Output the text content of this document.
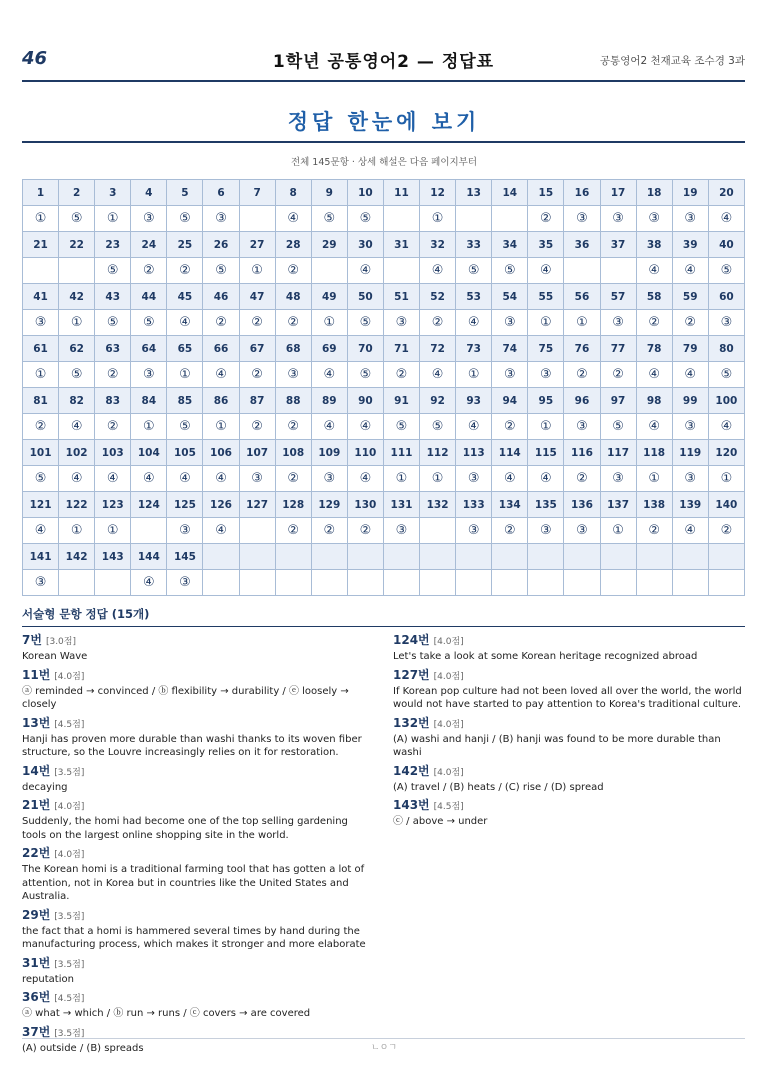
46	1학년 공통영어2 — 정답표	공통영어2 천재교육 조수경 3과
정답 한눈에 보기
전체 145문항 · 상세 해설은 다음 페이지부터
1	2	3	4	5	6	7	8	9	10	11	12	13	14	15	16	17	18	19	20
①	⑤	①	③	⑤	③		④	⑤	⑤		①			②	③	③	③	③	④
21	22	23	24	25	26	27	28	29	30	31	32	33	34	35	36	37	38	39	40
		⑤	②	②	⑤	①	②		④		④	⑤	⑤	④			④	④	⑤
41	42	43	44	45	46	47	48	49	50	51	52	53	54	55	56	57	58	59	60
③	①	⑤	⑤	④	②	②	②	①	⑤	③	②	④	③	①	①	③	②	②	③
61	62	63	64	65	66	67	68	69	70	71	72	73	74	75	76	77	78	79	80
①	⑤	②	③	①	④	②	③	④	⑤	②	④	①	③	③	②	②	④	④	⑤
81	82	83	84	85	86	87	88	89	90	91	92	93	94	95	96	97	98	99	100
②	④	②	①	⑤	①	②	②	④	④	⑤	⑤	④	②	①	③	⑤	④	③	④
101	102	103	104	105	106	107	108	109	110	111	112	113	114	115	116	117	118	119	120
⑤	④	④	④	④	④	③	②	③	④	①	①	③	④	④	②	③	①	③	①
121	122	123	124	125	126	127	128	129	130	131	132	133	134	135	136	137	138	139	140
④	①	①		③	④		②	②	②	③		③	②	③	③	①	②	④	②
141	142	143	144	145															
③			④	③															
서술형 문항 정답 (15개)
7번 [3.0점]
Korean Wave
11번 [4.0점]
ⓐ reminded → convinced / ⓑ flexibility → durability / ⓔ loosely → closely
13번 [4.5점]
Hanji has proven more durable than washi thanks to its woven fiber structure, so the Louvre increasingly relies on it for restoration.
14번 [3.5점]
decaying
21번 [4.0점]
Suddenly, the homi had become one of the top selling gardening tools on the largest online shopping site in the world.
22번 [4.0점]
The Korean homi is a traditional farming tool that has gotten a lot of attention, not in Korea but in countries like the United States and Australia.
29번 [3.5점]
the fact that a homi is hammered several times by hand during the manufacturing process, which makes it stronger and more elaborate
31번 [3.5점]
reputation
36번 [4.5점]
ⓐ what → which / ⓑ run → runs / ⓒ covers → are covered
37번 [3.5점]
(A) outside / (B) spreads
124번 [4.0점]
Let's take a look at some Korean heritage recognized abroad
127번 [4.0점]
If Korean pop culture had not been loved all over the world, the world would not have started to pay attention to Korea's traditional culture.
132번 [4.0점]
(A) washi and hanji / (B) hanji was found to be more durable than washi
142번 [4.0점]
(A) travel / (B) heats / (C) rise / (D) spread
143번 [4.5점]
ⓒ / above → under
ㄴㅇㄱ
